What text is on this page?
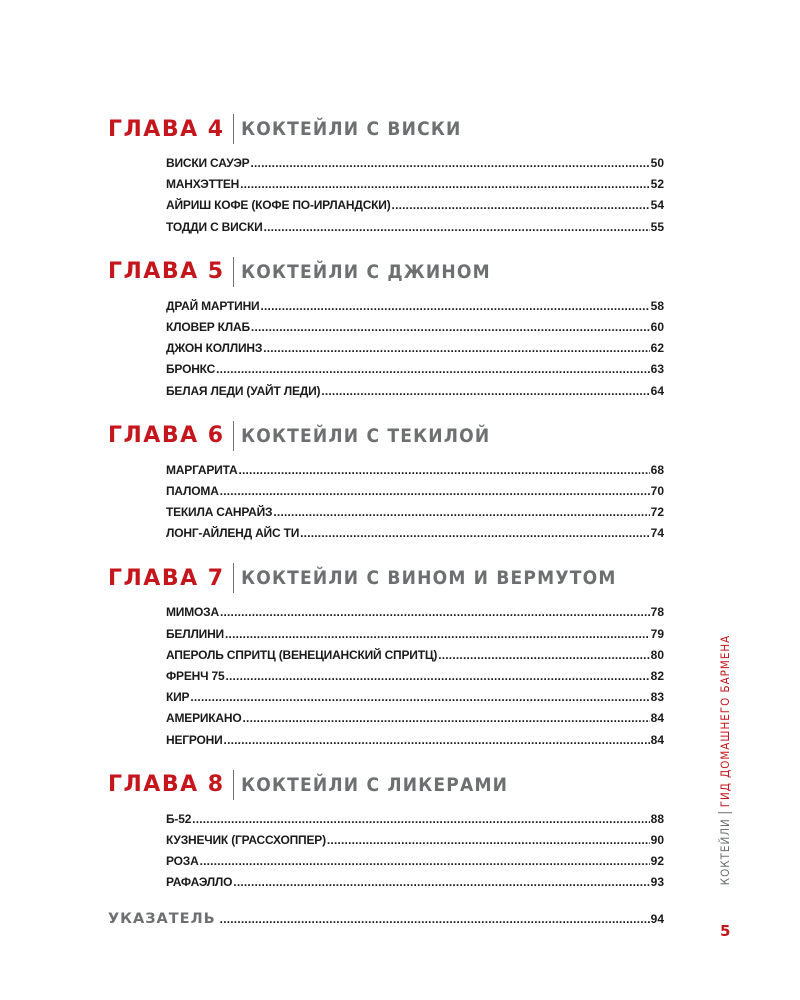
ГЛАВА 4 КОКТЕЙЛИ С ВИСКИ
ВИСКИ САУЭР .....	50
МАНХЭТТЕН .....	52
АЙРИШ КОФЕ (КОФЕ ПО-ИРЛАНДСКИ) .....	54
ТОДДИ С ВИСКИ .....	55
ГЛАВА 5 КОКТЕЙЛИ С ДЖИНОМ
ДРАЙ МАРТИНИ .....	58
КЛОВЕР КЛАБ .....	60
ДЖОН КОЛЛИНЗ .....	62
БРОНКС .....	63
БЕЛАЯ ЛЕДИ (УАЙТ ЛЕДИ) .....	64
ГЛАВА 6 КОКТЕЙЛИ С ТЕКИЛОЙ
МАРГАРИТА .....	68
ПАЛОМА .....	70
ТЕКИЛА САНРАЙЗ .....	72
ЛОНГ-АЙЛЕНД АЙС ТИ .....	74
ГЛАВА 7 КОКТЕЙЛИ С ВИНОМ И ВЕРМУТОМ
МИМОЗА .....	78
БЕЛЛИНИ .....	79
АПЕРОЛЬ СПРИТЦ (ВЕНЕЦИАНСКИЙ СПРИТЦ) .....	80
ФРЕНЧ 75 .....	82
КИР .....	83
АМЕРИКАНО .....	84
НЕГРОНИ .....	84
ГЛАВА 8 КОКТЕЙЛИ С ЛИКЕРАМИ
Б-52 .....	88
КУЗНЕЧИК (ГРАССХОППЕР) .....	90
РОЗА .....	92
РАФАЭЛЛО .....	93
УКАЗАТЕЛЬ .....	94
КОКТЕЙЛИ
ГИД ДОМАШНЕГО БАРМЕНА
5
